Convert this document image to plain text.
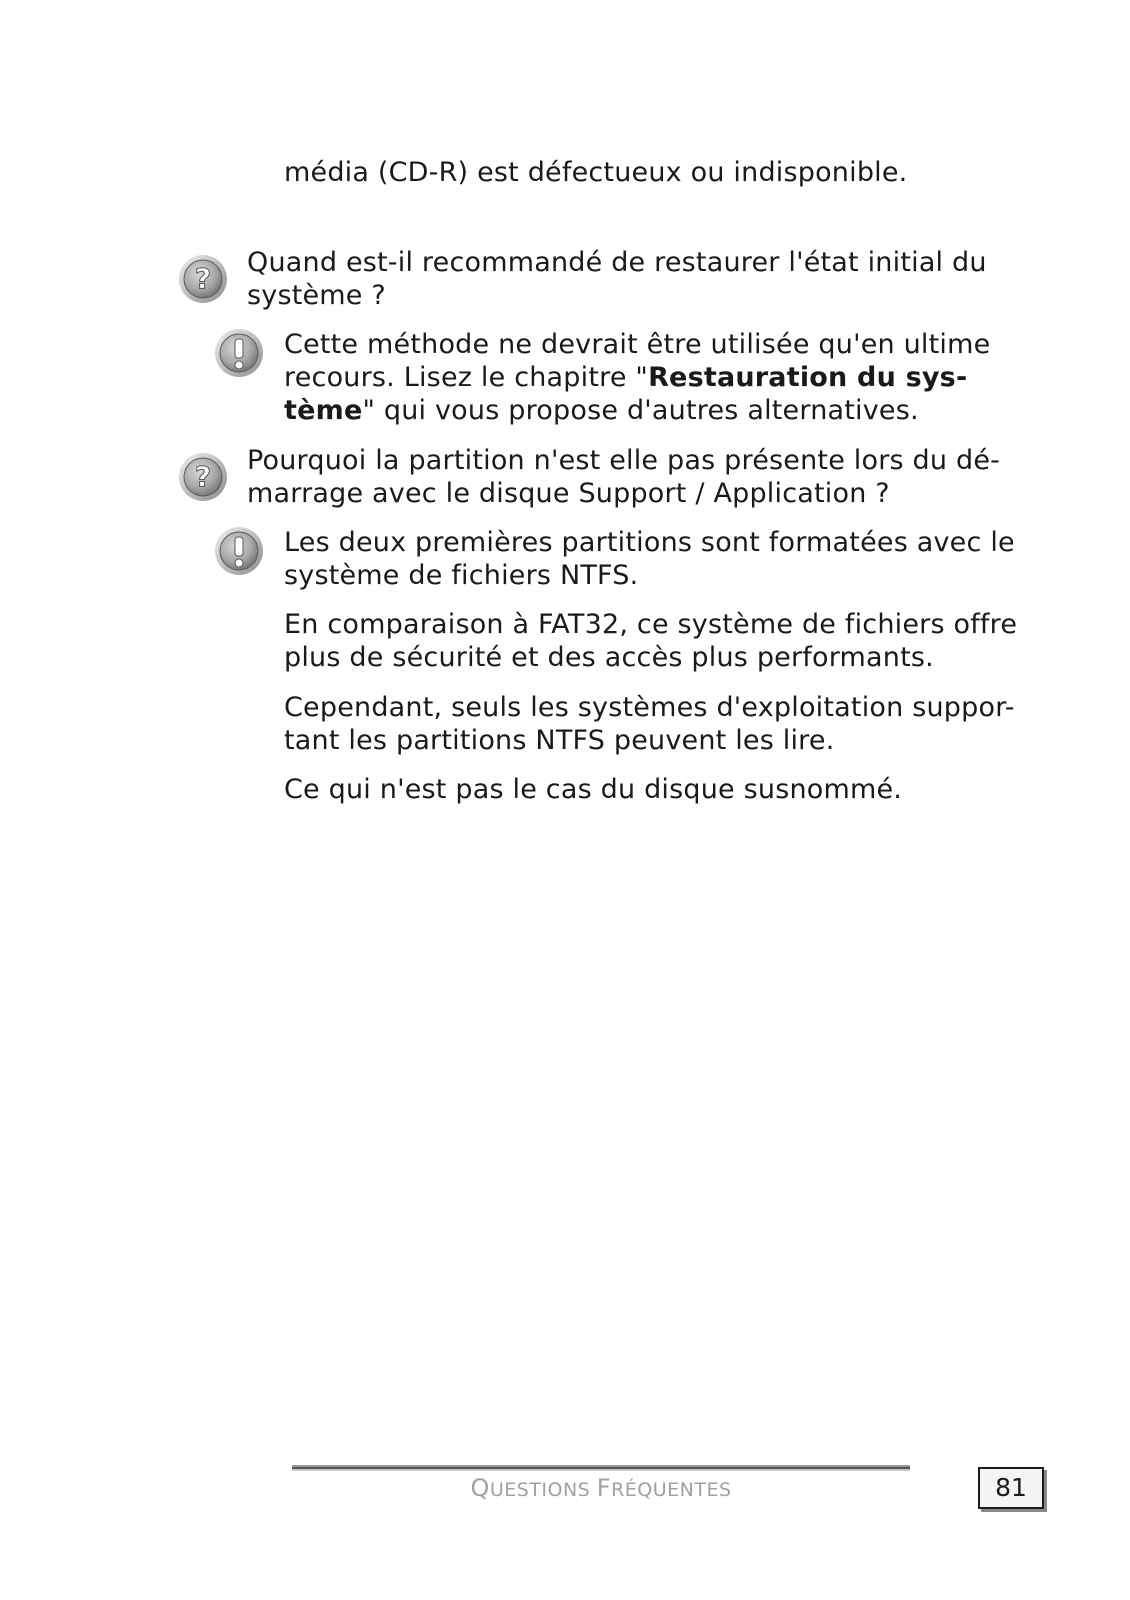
média (CD-R) est défectueux ou indisponible.
? Quand est-il recommandé de restaurer l'état initial du
système ?
Cette méthode ne devrait être utilisée qu'en ultime
recours. Lisez le chapitre "Restauration du sys-
tème" qui vous propose d'autres alternatives.
? Pourquoi la partition n'est elle pas présente lors du dé-
marrage avec le disque Support / Application ?
Les deux premières partitions sont formatées avec le
système de fichiers NTFS.
En comparaison à FAT32, ce système de fichiers offre
plus de sécurité et des accès plus performants.
Cependant, seuls les systèmes d'exploitation suppor-
tant les partitions NTFS peuvent les lire.
Ce qui n'est pas le cas du disque susnommé.
QUESTIONS FRÉQUENTES	81
